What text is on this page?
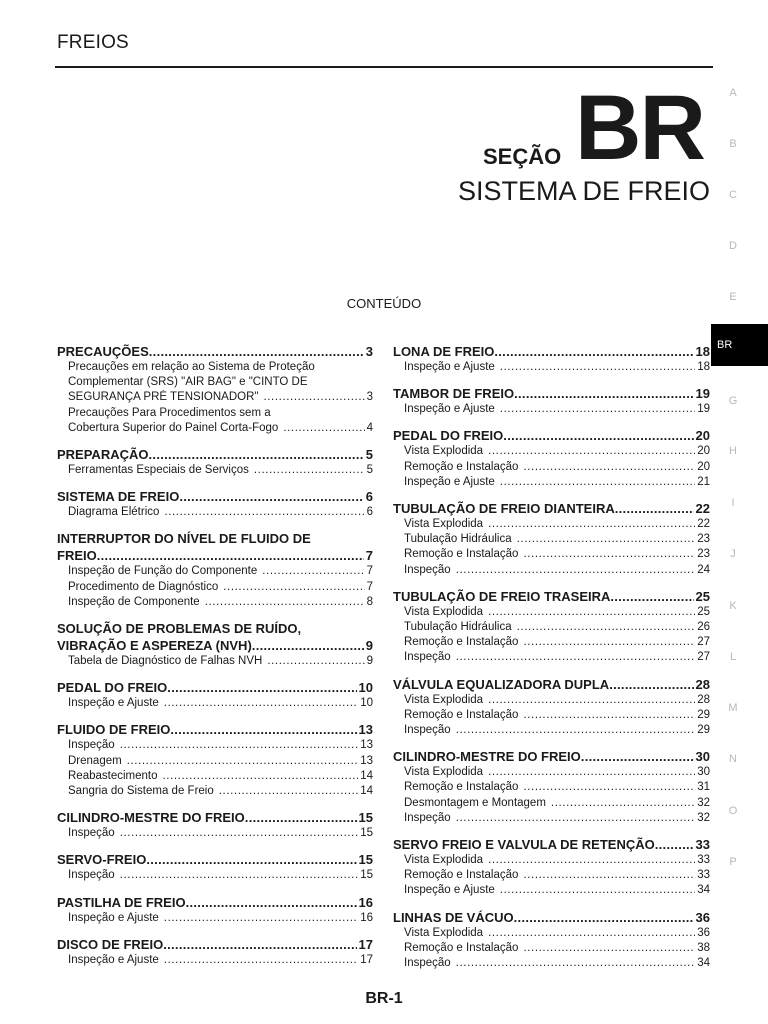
FREIOS
SEÇÃO BR
SISTEMA DE FREIO
CONTEÚDO
A
B
C
D
E
BR
G
H
I
J
K
L
M
N
O
P
PRECAUÇÕES .....	3
Precauções em relação ao Sistema de Proteção
Complementar (SRS) "AIR BAG" e "CINTO DE
SEGURANÇA PRÉ TENSIONADOR" .....	3
Precauções Para Procedimentos sem a
Cobertura Superior do Painel Corta-Fogo .....	4
PREPARAÇÃO .....	5
Ferramentas Especiais de Serviços .....	5
SISTEMA DE FREIO .....	6
Diagrama Elétrico .....	6
INTERRUPTOR DO NÍVEL DE FLUIDO DE
FREIO .....	7
Inspeção de Função do Componente .....	7
Procedimento de Diagnóstico .....	7
Inspeção de Componente .....	8
SOLUÇÃO DE PROBLEMAS DE RUÍDO,
VIBRAÇÃO E ASPEREZA (NVH) .....	9
Tabela de Diagnóstico de Falhas NVH .....	9
PEDAL DO FREIO .....	10
Inspeção e Ajuste .....	10
FLUIDO DE FREIO .....	13
Inspeção .....	13
Drenagem .....	13
Reabastecimento .....	14
Sangria do Sistema de Freio .....	14
CILINDRO-MESTRE DO FREIO .....	15
Inspeção .....	15
SERVO-FREIO .....	15
Inspeção .....	15
PASTILHA DE FREIO .....	16
Inspeção e Ajuste .....	16
DISCO DE FREIO .....	17
Inspeção e Ajuste .....	17
LONA DE FREIO .....	18
Inspeção e Ajuste .....	18
TAMBOR DE FREIO .....	19
Inspeção e Ajuste .....	19
PEDAL DO FREIO .....	20
Vista Explodida .....	20
Remoção e Instalação .....	20
Inspeção e Ajuste .....	21
TUBULAÇÃO DE FREIO DIANTEIRA .....	22
Vista Explodida .....	22
Tubulação Hidráulica .....	23
Remoção e Instalação .....	23
Inspeção .....	24
TUBULAÇÃO DE FREIO TRASEIRA .....	25
Vista Explodida .....	25
Tubulação Hidráulica .....	26
Remoção e Instalação .....	27
Inspeção .....	27
VÁLVULA EQUALIZADORA DUPLA .....	28
Vista Explodida .....	28
Remoção e Instalação .....	29
Inspeção .....	29
CILINDRO-MESTRE DO FREIO .....	30
Vista Explodida .....	30
Remoção e Instalação .....	31
Desmontagem e Montagem .....	32
Inspeção .....	32
SERVO FREIO E VALVULA DE RETENÇÃO .....	33
Vista Explodida .....	33
Remoção e Instalação .....	33
Inspeção e Ajuste .....	34
LINHAS DE VÁCUO .....	36
Vista Explodida .....	36
Remoção e Instalação .....	38
Inspeção .....	34
BR-1
